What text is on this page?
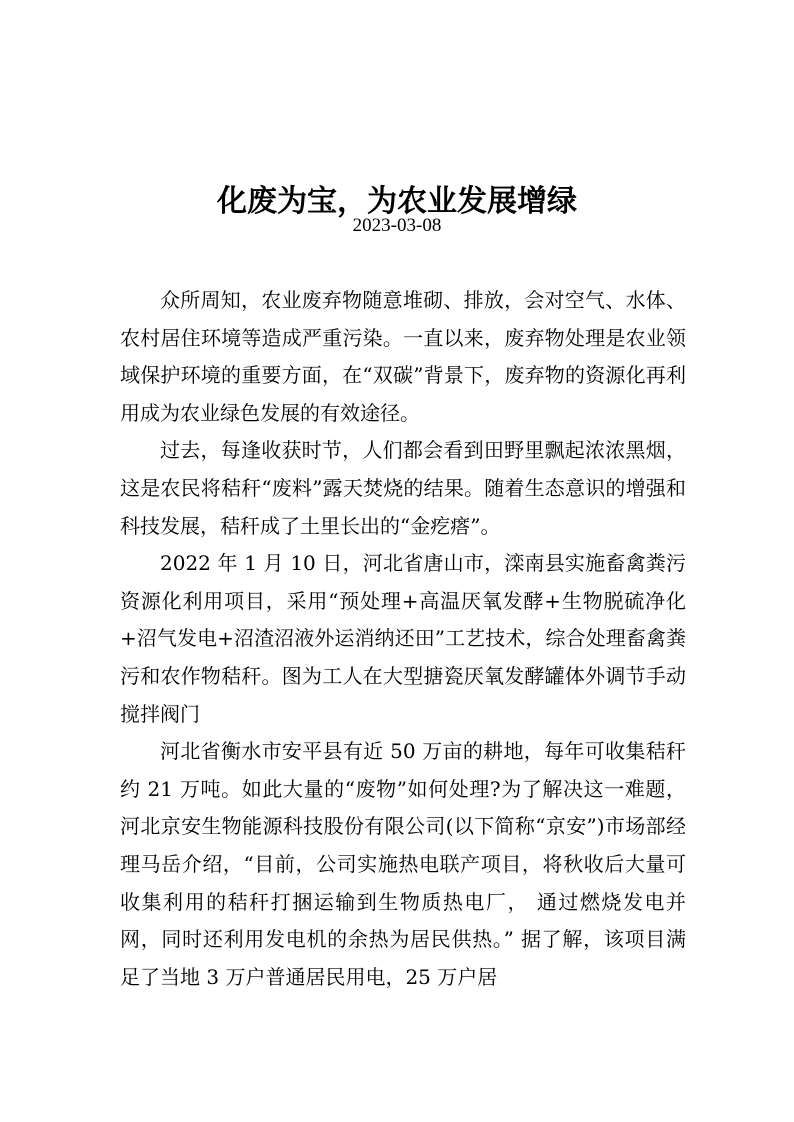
化废为宝，为农业发展增绿
2023-03-08

众所周知，农业废弃物随意堆砌、排放，会对空气、水体、农村居住环境等造成严重污染。一直以来，废弃物处理是农业领域保护环境的重要方面，在“双碳”背景下，废弃物的资源化再利用成为农业绿色发展的有效途径。

过去，每逢收获时节，人们都会看到田野里飘起浓浓黑烟，这是农民将秸秆“废料”露天焚烧的结果。随着生态意识的增强和科技发展，秸秆成了土里长出的“金疙瘩”。

2022 年 1 月 10 日，河北省唐山市，滦南县实施畜禽粪污资源化利用项目，采用“预处理+高温厌氧发酵+生物脱硫净化+沼气发电+沼渣沼液外运消纳还田”工艺技术，综合处理畜禽粪污和农作物秸秆。图为工人在大型搪瓷厌氧发酵罐体外调节手动搅拌阀门

河北省衡水市安平县有近 50 万亩的耕地，每年可收集秸秆约 21 万吨。如此大量的“废物”如何处理?为了解决这一难题，河北京安生物能源科技股份有限公司(以下简称“京安”)市场部经理马岳介绍，“目前，公司实施热电联产项目，将秋收后大量可收集利用的秸秆打捆运输到生物质热电厂， 通过燃烧发电并网，同时还利用发电机的余热为居民供热。” 据了解，该项目满足了当地 3 万户普通居民用电，25 万户居
